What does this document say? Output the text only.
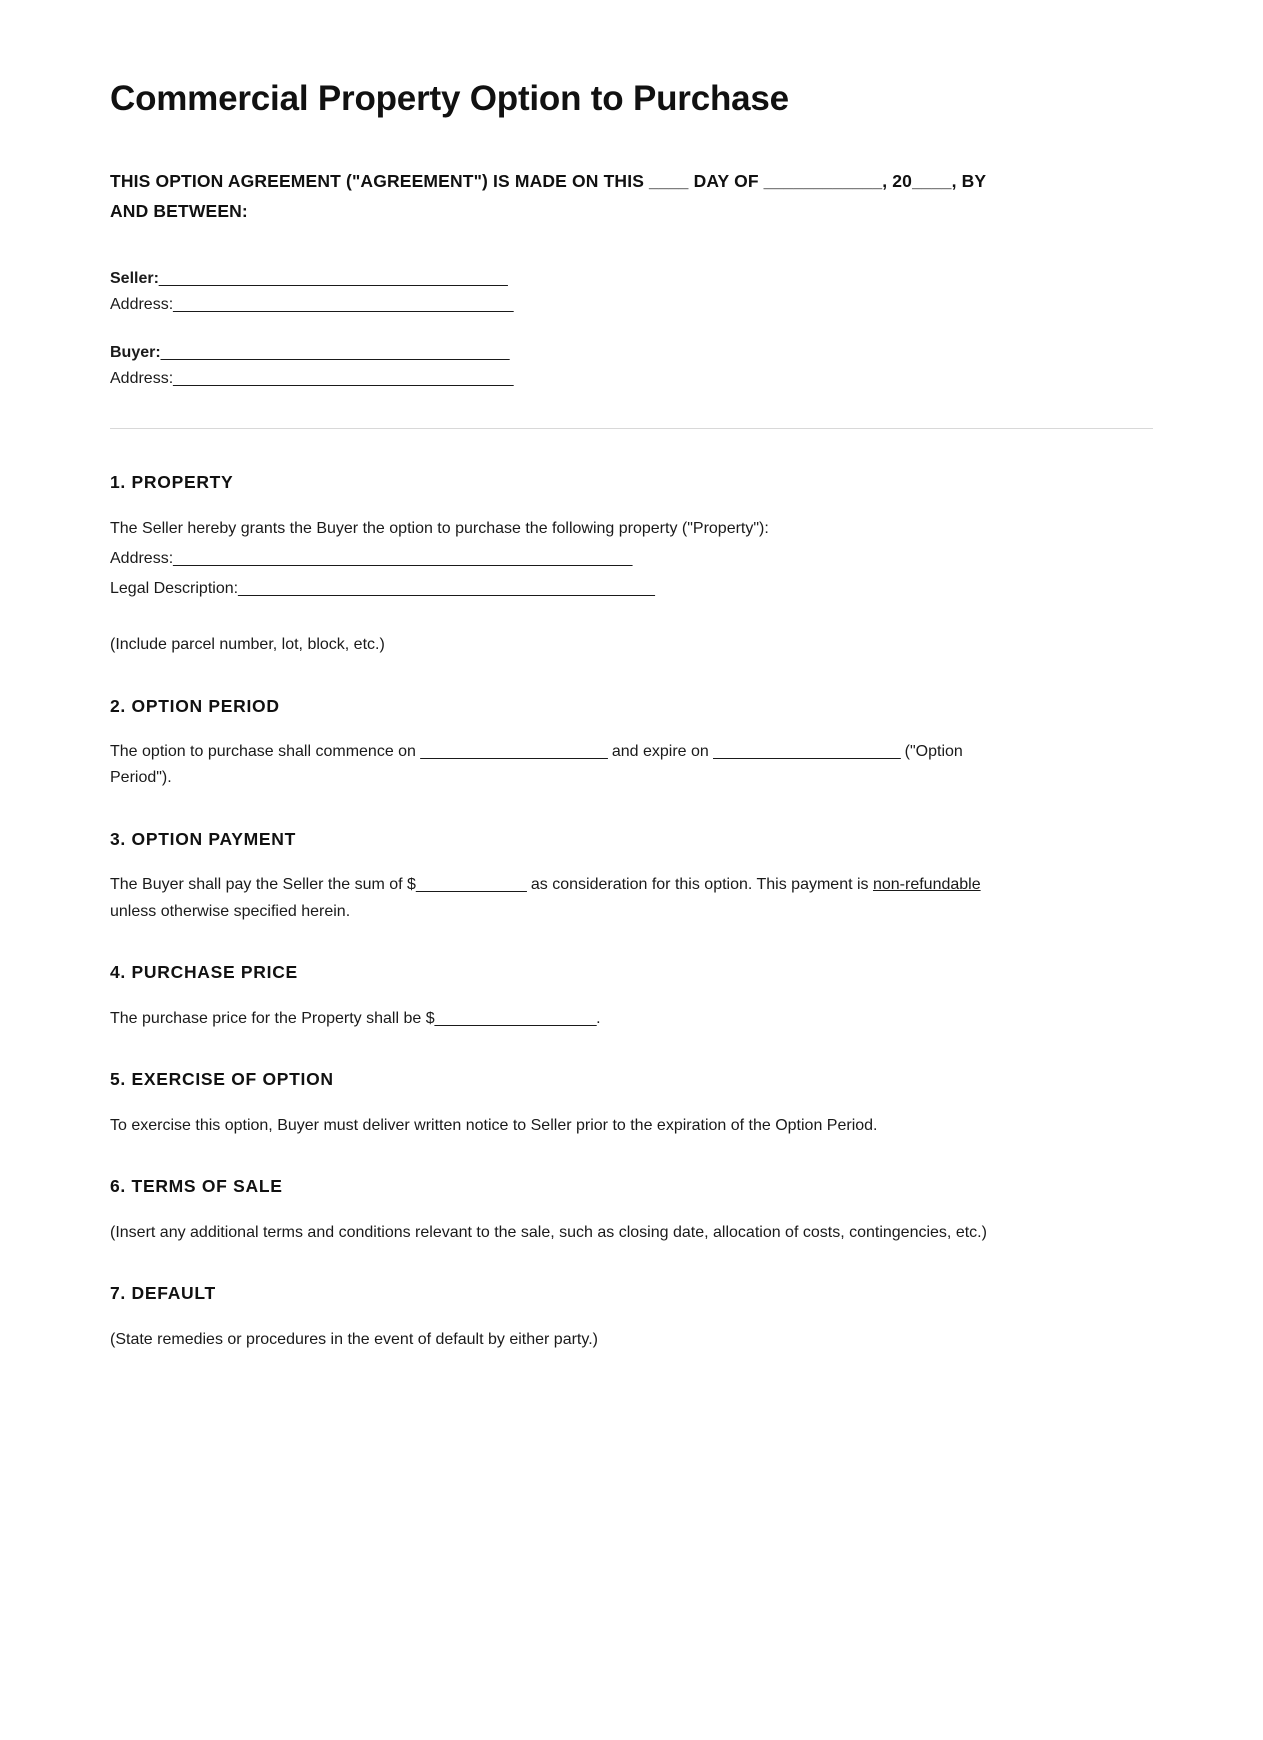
Commercial Property Option to Purchase

THIS OPTION AGREEMENT ("AGREEMENT") IS MADE ON THIS ____ DAY OF ____________, 20____, BY AND BETWEEN:

Seller:_________________________________________
Address:________________________________________
Buyer:_________________________________________
Address:________________________________________
1. PROPERTY

The Seller hereby grants the Buyer the option to purchase the following property ("Property"):

Address:______________________________________________________

Legal Description:_________________________________________________

(Include parcel number, lot, block, etc.)

2. OPTION PERIOD

The option to purchase shall commence on ______________________ and expire on ______________________ ("Option Period").

3. OPTION PAYMENT

The Buyer shall pay the Seller the sum of $_____________ as consideration for this option. This payment is non-refundable unless otherwise specified herein.

4. PURCHASE PRICE

The purchase price for the Property shall be $___________________.

5. EXERCISE OF OPTION

To exercise this option, Buyer must deliver written notice to Seller prior to the expiration of the Option Period.

6. TERMS OF SALE

(Insert any additional terms and conditions relevant to the sale, such as closing date, allocation of costs, contingencies, etc.)

7. DEFAULT

(State remedies or procedures in the event of default by either party.)
